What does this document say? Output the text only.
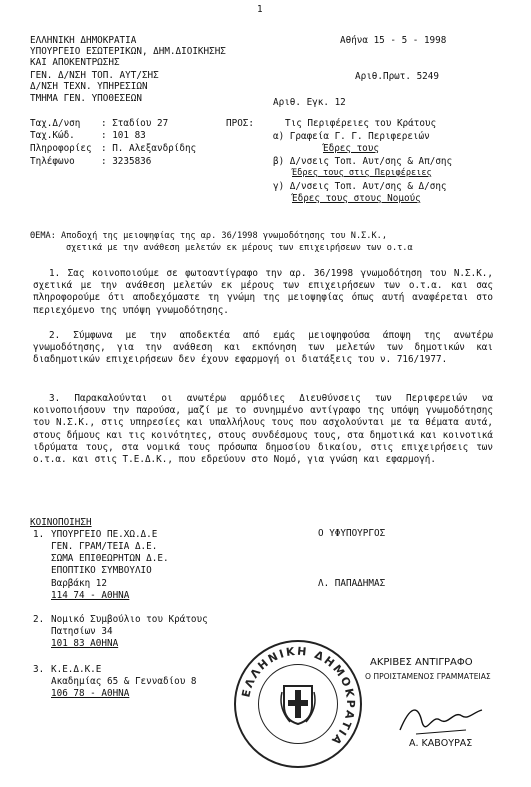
1
ΕΛΛΗΝΙΚΗ ΔΗΜΟΚΡΑΤΙΑ
ΥΠΟΥΡΓΕΙΟ ΕΣΩΤΕΡΙΚΩΝ, ΔΗΜ.ΔΙΟΙΚΗΣΗΣ
ΚΑΙ ΑΠΟΚΕΝΤΡΩΣΗΣ
ΓΕΝ. Δ/ΝΣΗ ΤΟΠ. ΑΥΤ/ΣΗΣ
Δ/ΝΣΗ ΤΕΧΝ. ΥΠΗΡΕΣΙΩΝ
ΤΜΗΜΑ ΓΕΝ. ΥΠΟΘΕΣΕΩΝ
Αθήνα 15 - 5 - 1998
Αριθ.Πρωτ. 5249
Αριθ. Εγκ. 12
Ταχ.Δ/νση : Σταδίου 27
Ταχ.Κώδ.	: 101 83
Πληροφορίες : Π. Αλεξανδρίδης
Τηλέφωνο	: 3235836
ΠΡΟΣ:	Τις Περιφέρειες του Κράτους
α) Γραφεία Γ. Γ. Περιφερειών
Έδρες τους
β) Δ/νσεις Τοπ. Αυτ/σης & Απ/σης
Έδρες τους στις Περιφέρειες
γ) Δ/νσεις Τοπ. Αυτ/σης & Δ/σης
Έδρες τους στους Νομούς
ΘΕΜΑ: Αποδοχή της μειοψηφίας της αρ. 36/1998 γνωμοδότησης του Ν.Σ.Κ.,
σχετικά με την ανάθεση μελετών εκ μέρους των επιχειρήσεων των ο.τ.α
1. Σας κοινοποιούμε σε φωτοαντίγραφο την αρ. 36/1998 γνωμοδότηση του Ν.Σ.Κ., σχετικά με την ανάθεση μελετών εκ μέρους των επιχειρήσεων των ο.τ.α. και σας πληροφορούμε ότι αποδεχόμαστε τη γνώμη της μειοψηφίας όπως αυτή αναφέρεται στο περιεχόμενο της υπόψη γνωμοδότησης.
2. Σύμφωνα με την αποδεκτέα από εμάς μειοψηφούσα άποψη της ανωτέρω γνωμοδότησης, για την ανάθεση και εκπόνηση των μελετών των δημοτικών και διαδημοτικών επιχειρήσεων δεν έχουν εφαρμογή οι διατάξεις του ν. 716/1977.
3. Παρακαλούνται οι ανωτέρω αρμόδιες Διευθύνσεις των Περιφερειών να κοινοποιήσουν την παρούσα, μαζί με το συνημμένο αντίγραφο της υπόψη γνωμοδότησης του Ν.Σ.Κ., στις υπηρεσίες και υπαλλήλους τους που ασχολούνται με τα θέματα αυτά, στους δήμους και τις κοινότητες, στους συνδέσμους τους, στα δημοτικά και κοινοτικά ιδρύματα τους, στα νομικά τους πρόσωπα δημοσίου δικαίου, στις επιχειρήσεις των ο.τ.α. και στις Τ.Ε.Δ.Κ., που εδρεύουν στο Νομό, για γνώση και εφαρμογή.
ΚΟΙΝΟΠΟΙΗΣΗ
1. ΥΠΟΥΡΓΕΙΟ ΠΕ.ΧΩ.Δ.Ε
ΓΕΝ. ΓΡΑΜ/ΤΕΙΑ Δ.Ε.
ΣΩΜΑ ΕΠΙΘΕΩΡΗΤΩΝ Δ.Ε.
ΕΠΟΠΤΙΚΟ ΣΥΜΒΟΥΛΙΟ
Βαρβάκη 12
114 74 - ΑΘΗΝΑ
2. Νομικό Συμβούλιο του Κράτους
Πατησίων 34
101 83 ΑΘΗΝΑ
3. Κ.Ε.Δ.Κ.Ε
Ακαδημίας 65 & Γενναδίου 8
106 78 - ΑΘΗΝΑ
Ο ΥΦΥΠΟΥΡΓΟΣ
Λ. ΠΑΠΑΔΗΜΑΣ
ΕΛΛΗΝΙΚΗ ΔΗΜΟΚΡΑΤΙΑ
ΑΚΡΙΒΕΣ ΑΝΤΙΓΡΑΦΟ
Ο ΠΡΟΙΣΤΑΜΕΝΟΣ ΓΡΑΜΜΑΤΕΙΑΣ
Α. ΚΑΒΟΥΡΑΣ
